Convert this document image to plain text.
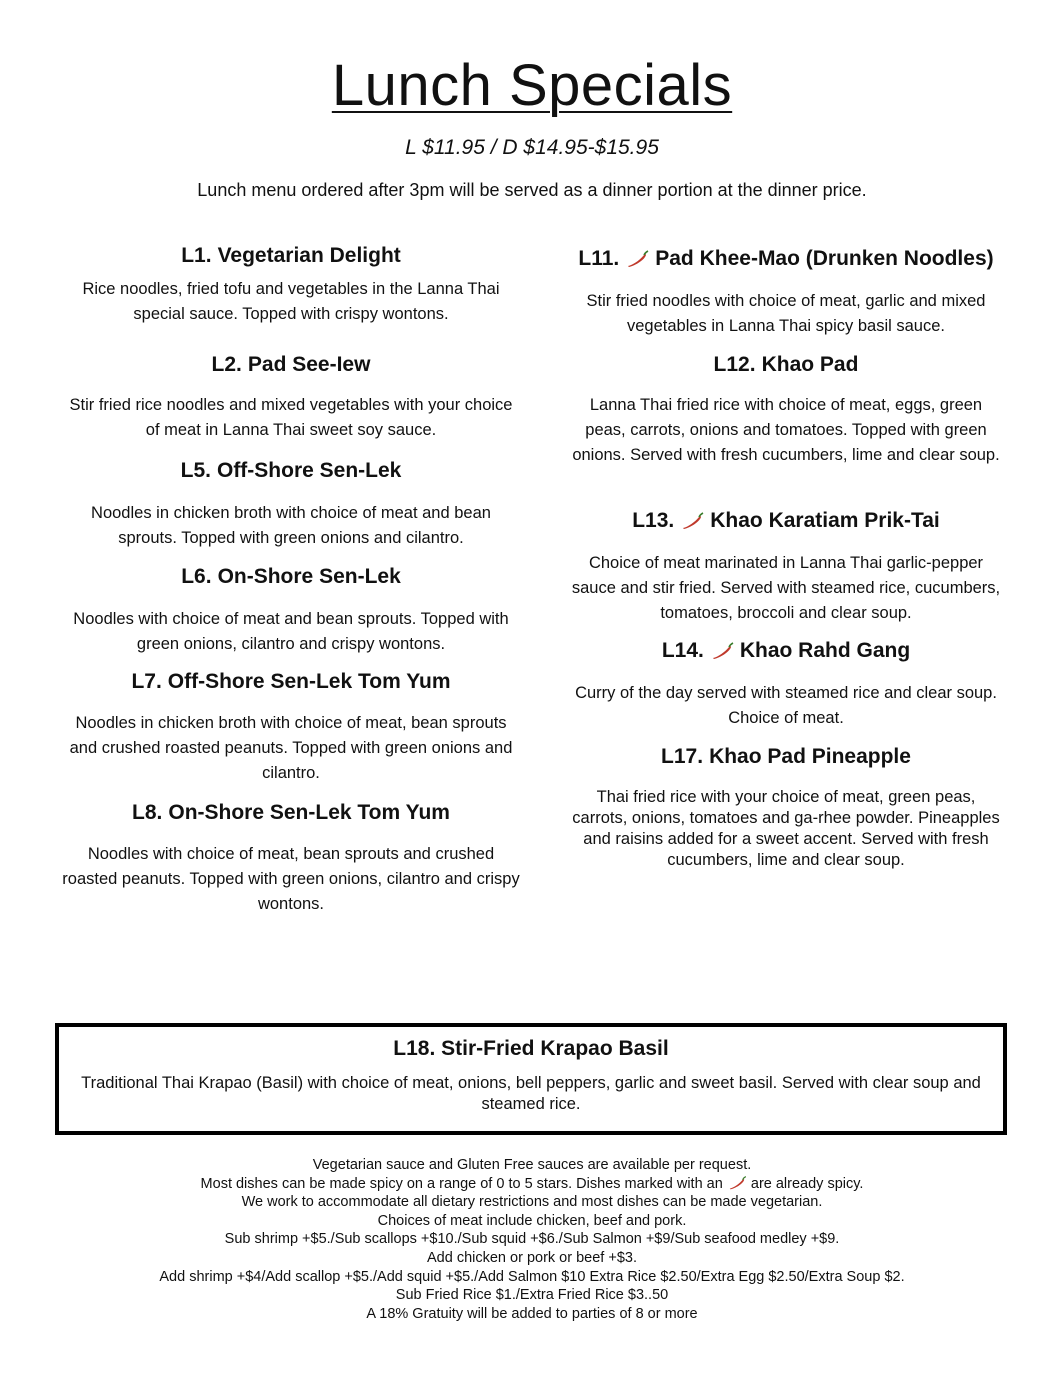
Lunch Specials
L $11.95 / D $14.95-$15.95
Lunch menu ordered after 3pm will be served as a dinner portion at the dinner price.
L1. Vegetarian Delight

Rice noodles, fried tofu and vegetables in the Lanna Thai special sauce. Topped with crispy wontons.

L2. Pad See-Iew

Stir fried rice noodles and mixed vegetables with your choice of meat in Lanna Thai sweet soy sauce.

L5. Off-Shore Sen-Lek

Noodles in chicken broth with choice of meat and bean sprouts. Topped with green onions and cilantro.

L6. On-Shore Sen-Lek

Noodles with choice of meat and bean sprouts. Topped with green onions, cilantro and crispy wontons.

L7. Off-Shore Sen-Lek Tom Yum

Noodles in chicken broth with choice of meat, bean sprouts and crushed roasted peanuts. Topped with green onions and cilantro.

L8. On-Shore Sen-Lek Tom Yum

Noodles with choice of meat, bean sprouts and crushed roasted peanuts. Topped with green onions, cilantro and crispy wontons.

L11. Pad Khee-Mao (Drunken Noodles)

Stir fried noodles with choice of meat, garlic and mixed vegetables in Lanna Thai spicy basil sauce.

L12. Khao Pad

Lanna Thai fried rice with choice of meat, eggs, green peas, carrots, onions and tomatoes. Topped with green onions. Served with fresh cucumbers, lime and clear soup.

L13. Khao Karatiam Prik-Tai

Choice of meat marinated in Lanna Thai garlic-pepper sauce and stir fried. Served with steamed rice, cucumbers, tomatoes, broccoli and clear soup.

L14. Khao Rahd Gang

Curry of the day served with steamed rice and clear soup. Choice of meat.

L17. Khao Pad Pineapple

Thai fried rice with your choice of meat, green peas, carrots, onions, tomatoes and ga-rhee powder. Pineapples and raisins added for a sweet accent. Served with fresh cucumbers, lime and clear soup.

L18. Stir-Fried Krapao Basil

Traditional Thai Krapao (Basil) with choice of meat, onions, bell peppers, garlic and sweet basil. Served with clear soup and steamed rice.

Vegetarian sauce and Gluten Free sauces are available per request.
Most dishes can be made spicy on a range of 0 to 5 stars. Dishes marked with an are already spicy.
We work to accommodate all dietary restrictions and most dishes can be made vegetarian.
Choices of meat include chicken, beef and pork.
Sub shrimp +$5./Sub scallops +$10./Sub squid +$6./Sub Salmon +$9/Sub seafood medley +$9.
Add chicken or pork or beef +$3.
Add shrimp +$4/Add scallop +$5./Add squid +$5./Add Salmon $10 Extra Rice $2.50/Extra Egg $2.50/Extra Soup $2.
Sub Fried Rice $1./Extra Fried Rice $3..50
A 18% Gratuity will be added to parties of 8 or more
